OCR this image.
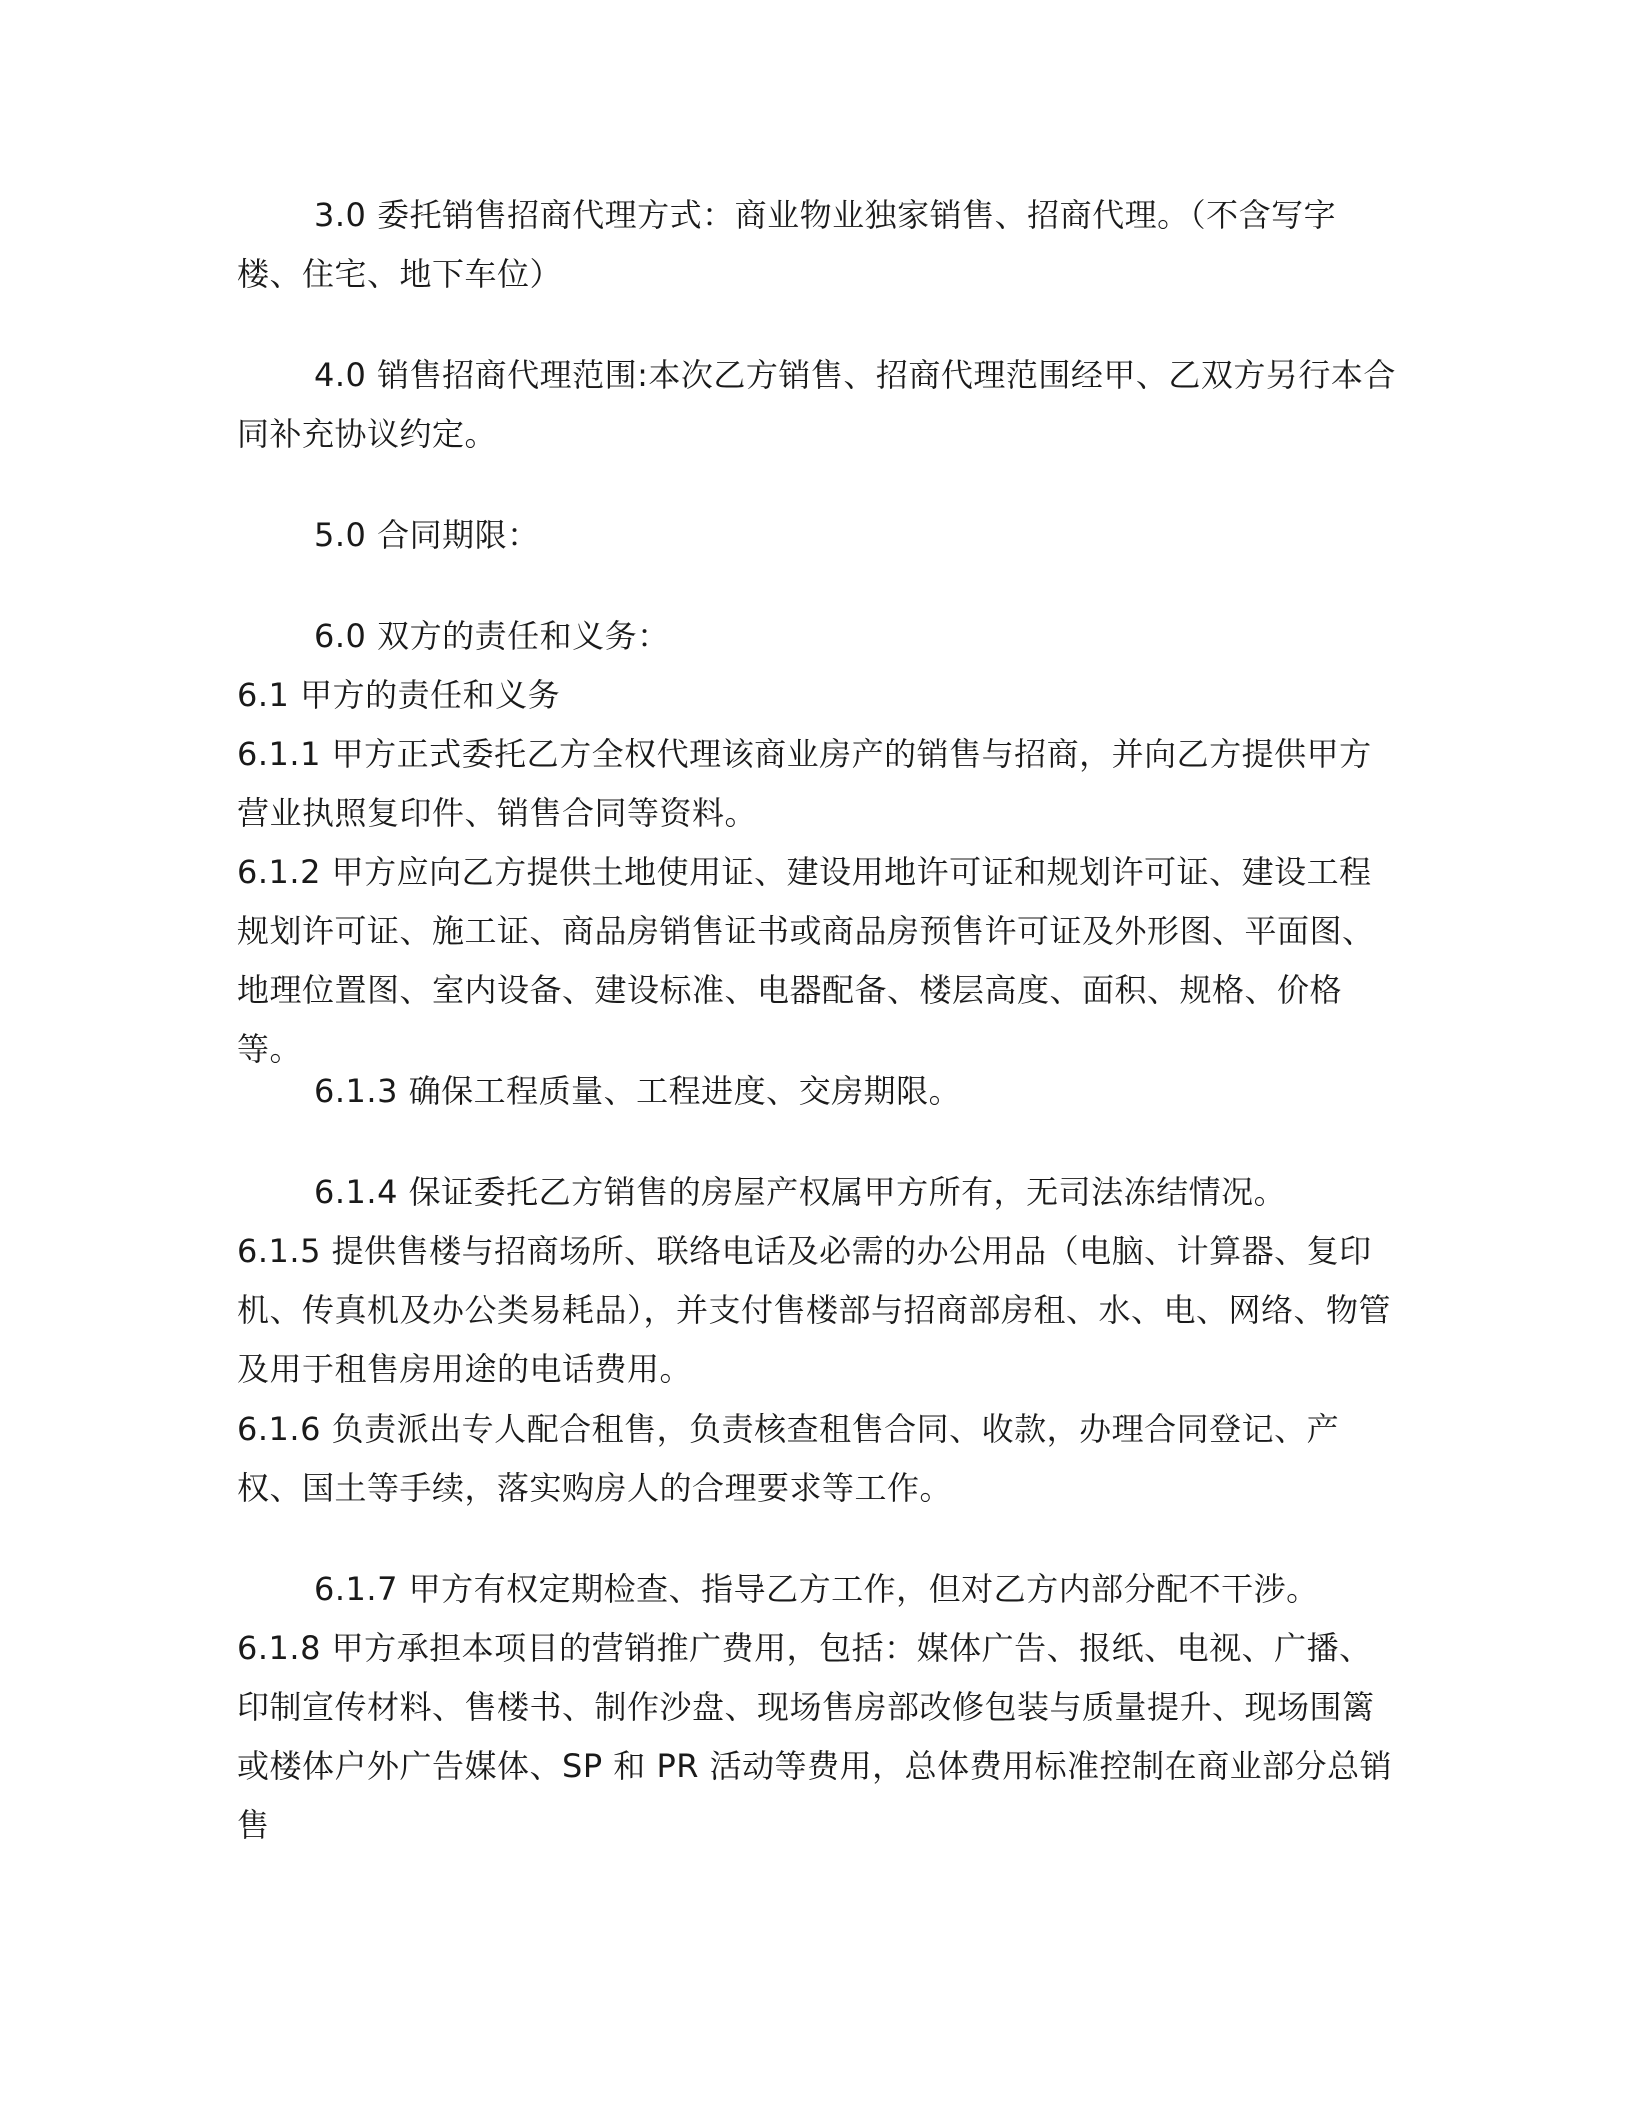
3.0 委托销售招商代理方式：商业物业独家销售、招商代理。（不含写字楼、住宅、地下车位）

4.0 销售招商代理范围:本次乙方销售、招商代理范围经甲、乙双方另行本合同补充协议约定。

5.0 合同期限：

6.0 双方的责任和义务：

6.1 甲方的责任和义务

6.1.1 甲方正式委托乙方全权代理该商业房产的销售与招商，并向乙方提供甲方营业执照复印件、销售合同等资料。

6.1.2 甲方应向乙方提供土地使用证、建设用地许可证和规划许可证、建设工程规划许可证、施工证、商品房销售证书或商品房预售许可证及外形图、平面图、地理位置图、室内设备、建设标准、电器配备、楼层高度、面积、规格、价格等。

6.1.3 确保工程质量、工程进度、交房期限。

6.1.4 保证委托乙方销售的房屋产权属甲方所有，无司法冻结情况。

6.1.5 提供售楼与招商场所、联络电话及必需的办公用品（电脑、计算器、复印机、传真机及办公类易耗品），并支付售楼部与招商部房租、水、电、网络、物管及用于租售房用途的电话费用。

6.1.6 负责派出专人配合租售，负责核查租售合同、收款，办理合同登记、产权、国土等手续，落实购房人的合理要求等工作。

6.1.7 甲方有权定期检查、指导乙方工作，但对乙方内部分配不干涉。

6.1.8 甲方承担本项目的营销推广费用，包括：媒体广告、报纸、电视、广播、印制宣传材料、售楼书、制作沙盘、现场售房部改修包装与质量提升、现场围篱或楼体户外广告媒体、SP 和 PR 活动等费用，总体费用标准控制在商业部分总销售
